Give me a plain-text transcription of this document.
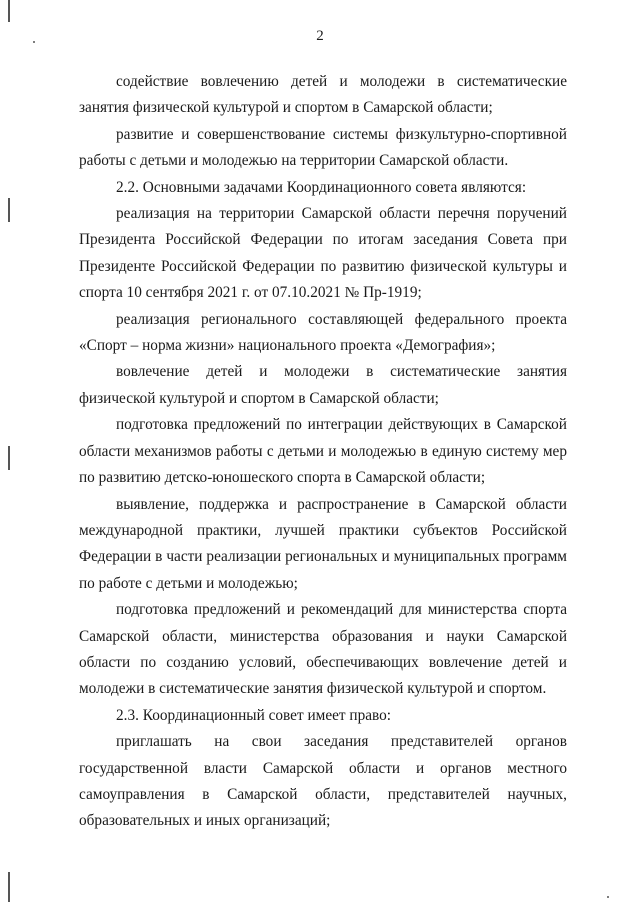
2

содействие вовлечению детей и молодежи в систематические занятия физической культурой и спортом в Самарской области;

развитие и совершенствование системы физкультурно-спортивной работы с детьми и молодежью на территории Самарской области.

2.2. Основными задачами Координационного совета являются:

реализация на территории Самарской области перечня поручений Президента Российской Федерации по итогам заседания Совета при Президенте Российской Федерации по развитию физической культуры и спорта 10 сентября 2021 г. от 07.10.2021 № Пр-1919;

реализация регионального составляющей федерального проекта «Спорт – норма жизни» национального проекта «Демография»;

вовлечение детей и молодежи в систематические занятия физической культурой и спортом в Самарской области;

подготовка предложений по интеграции действующих в Самарской области механизмов работы с детьми и молодежью в единую систему мер по развитию детско-юношеского спорта в Самарской области;

выявление, поддержка и распространение в Самарской области международной практики, лучшей практики субъектов Российской Федерации в части реализации региональных и муниципальных программ по работе с детьми и молодежью;

подготовка предложений и рекомендаций для министерства спорта Самарской области, министерства образования и науки Самарской области по созданию условий, обеспечивающих вовлечение детей и молодежи в систематические занятия физической культурой и спортом.

2.3. Координационный совет имеет право:

приглашать на свои заседания представителей органов государственной власти Самарской области и органов местного самоуправления в Самарской области, представителей научных, образовательных и иных организаций;
